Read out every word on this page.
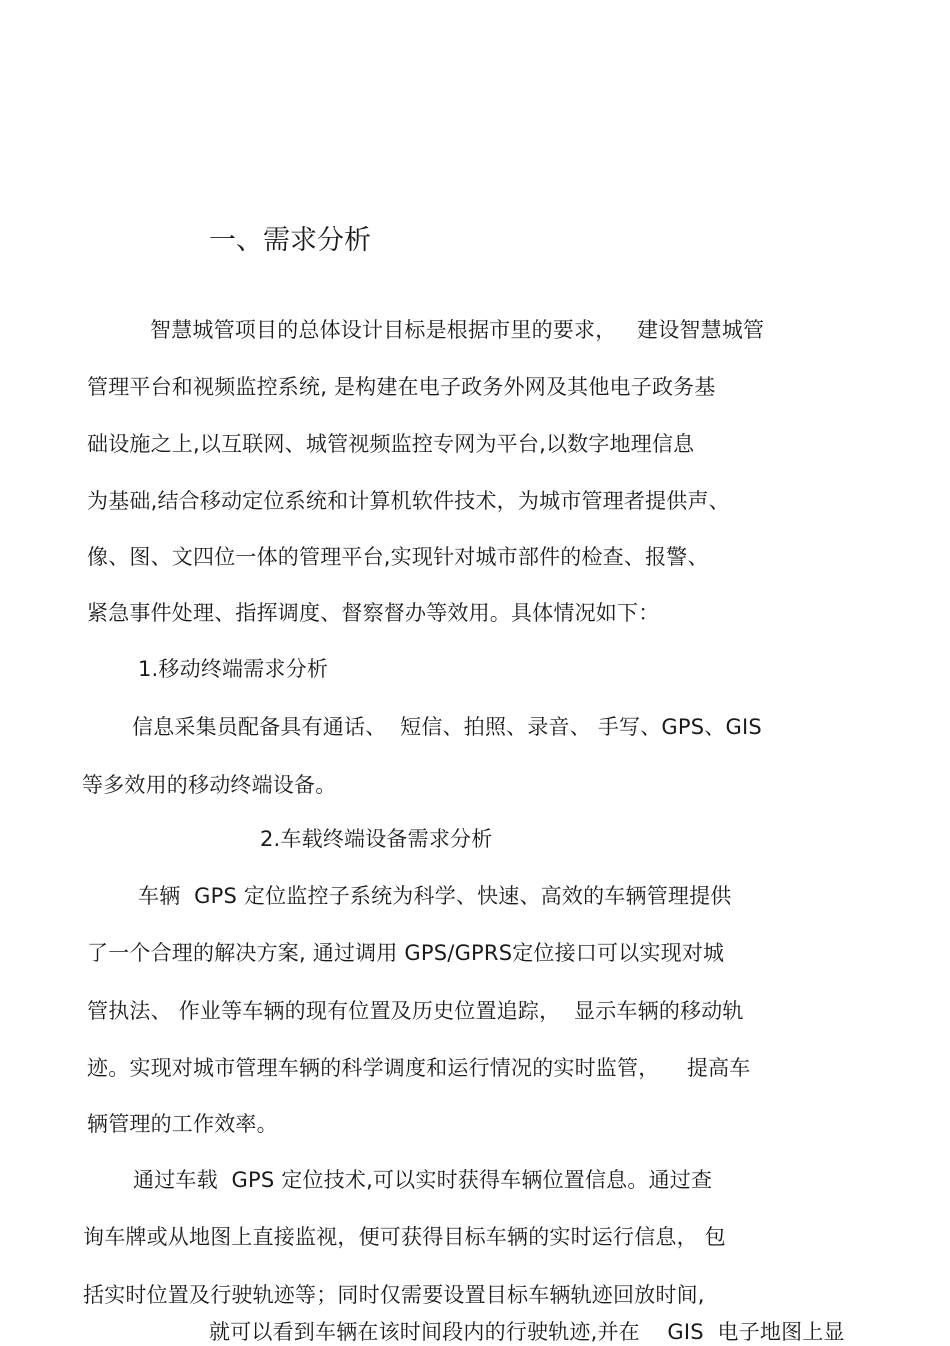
一、需求分析
智慧城管项目的总体设计目标是根据市里的要求，   建设智慧城管
管理平台和视频监控系统, 是构建在电子政务外网及其他电子政务基
础设施之上,以互联网、城管视频监控专网为平台,以数字地理信息
为基础,结合移动定位系统和计算机软件技术，为城市管理者提供声、
像、图、文四位一体的管理平台,实现针对城市部件的检查、报警、
紧急事件处理、指挥调度、督察督办等效用。具体情况如下：
1.移动终端需求分析
信息采集员配备具有通话、  短信、拍照、录音、 手写、GPS、GIS
等多效用的移动终端设备。
2.车载终端设备需求分析
车辆  GPS 定位监控子系统为科学、快速、高效的车辆管理提供
了一个合理的解决方案, 通过调用 GPS/GPRS定位接口可以实现对城
管执法、 作业等车辆的现有位置及历史位置追踪，  显示车辆的移动轨
迹。实现对城市管理车辆的科学调度和运行情况的实时监管，    提高车
辆管理的工作效率。
通过车载  GPS 定位技术,可以实时获得车辆位置信息。通过查
询车牌或从地图上直接监视，便可获得目标车辆的实时运行信息， 包
括实时位置及行驶轨迹等；同时仅需要设置目标车辆轨迹回放时间,
就可以看到车辆在该时间段内的行驶轨迹,并在    GIS  电子地图上显
